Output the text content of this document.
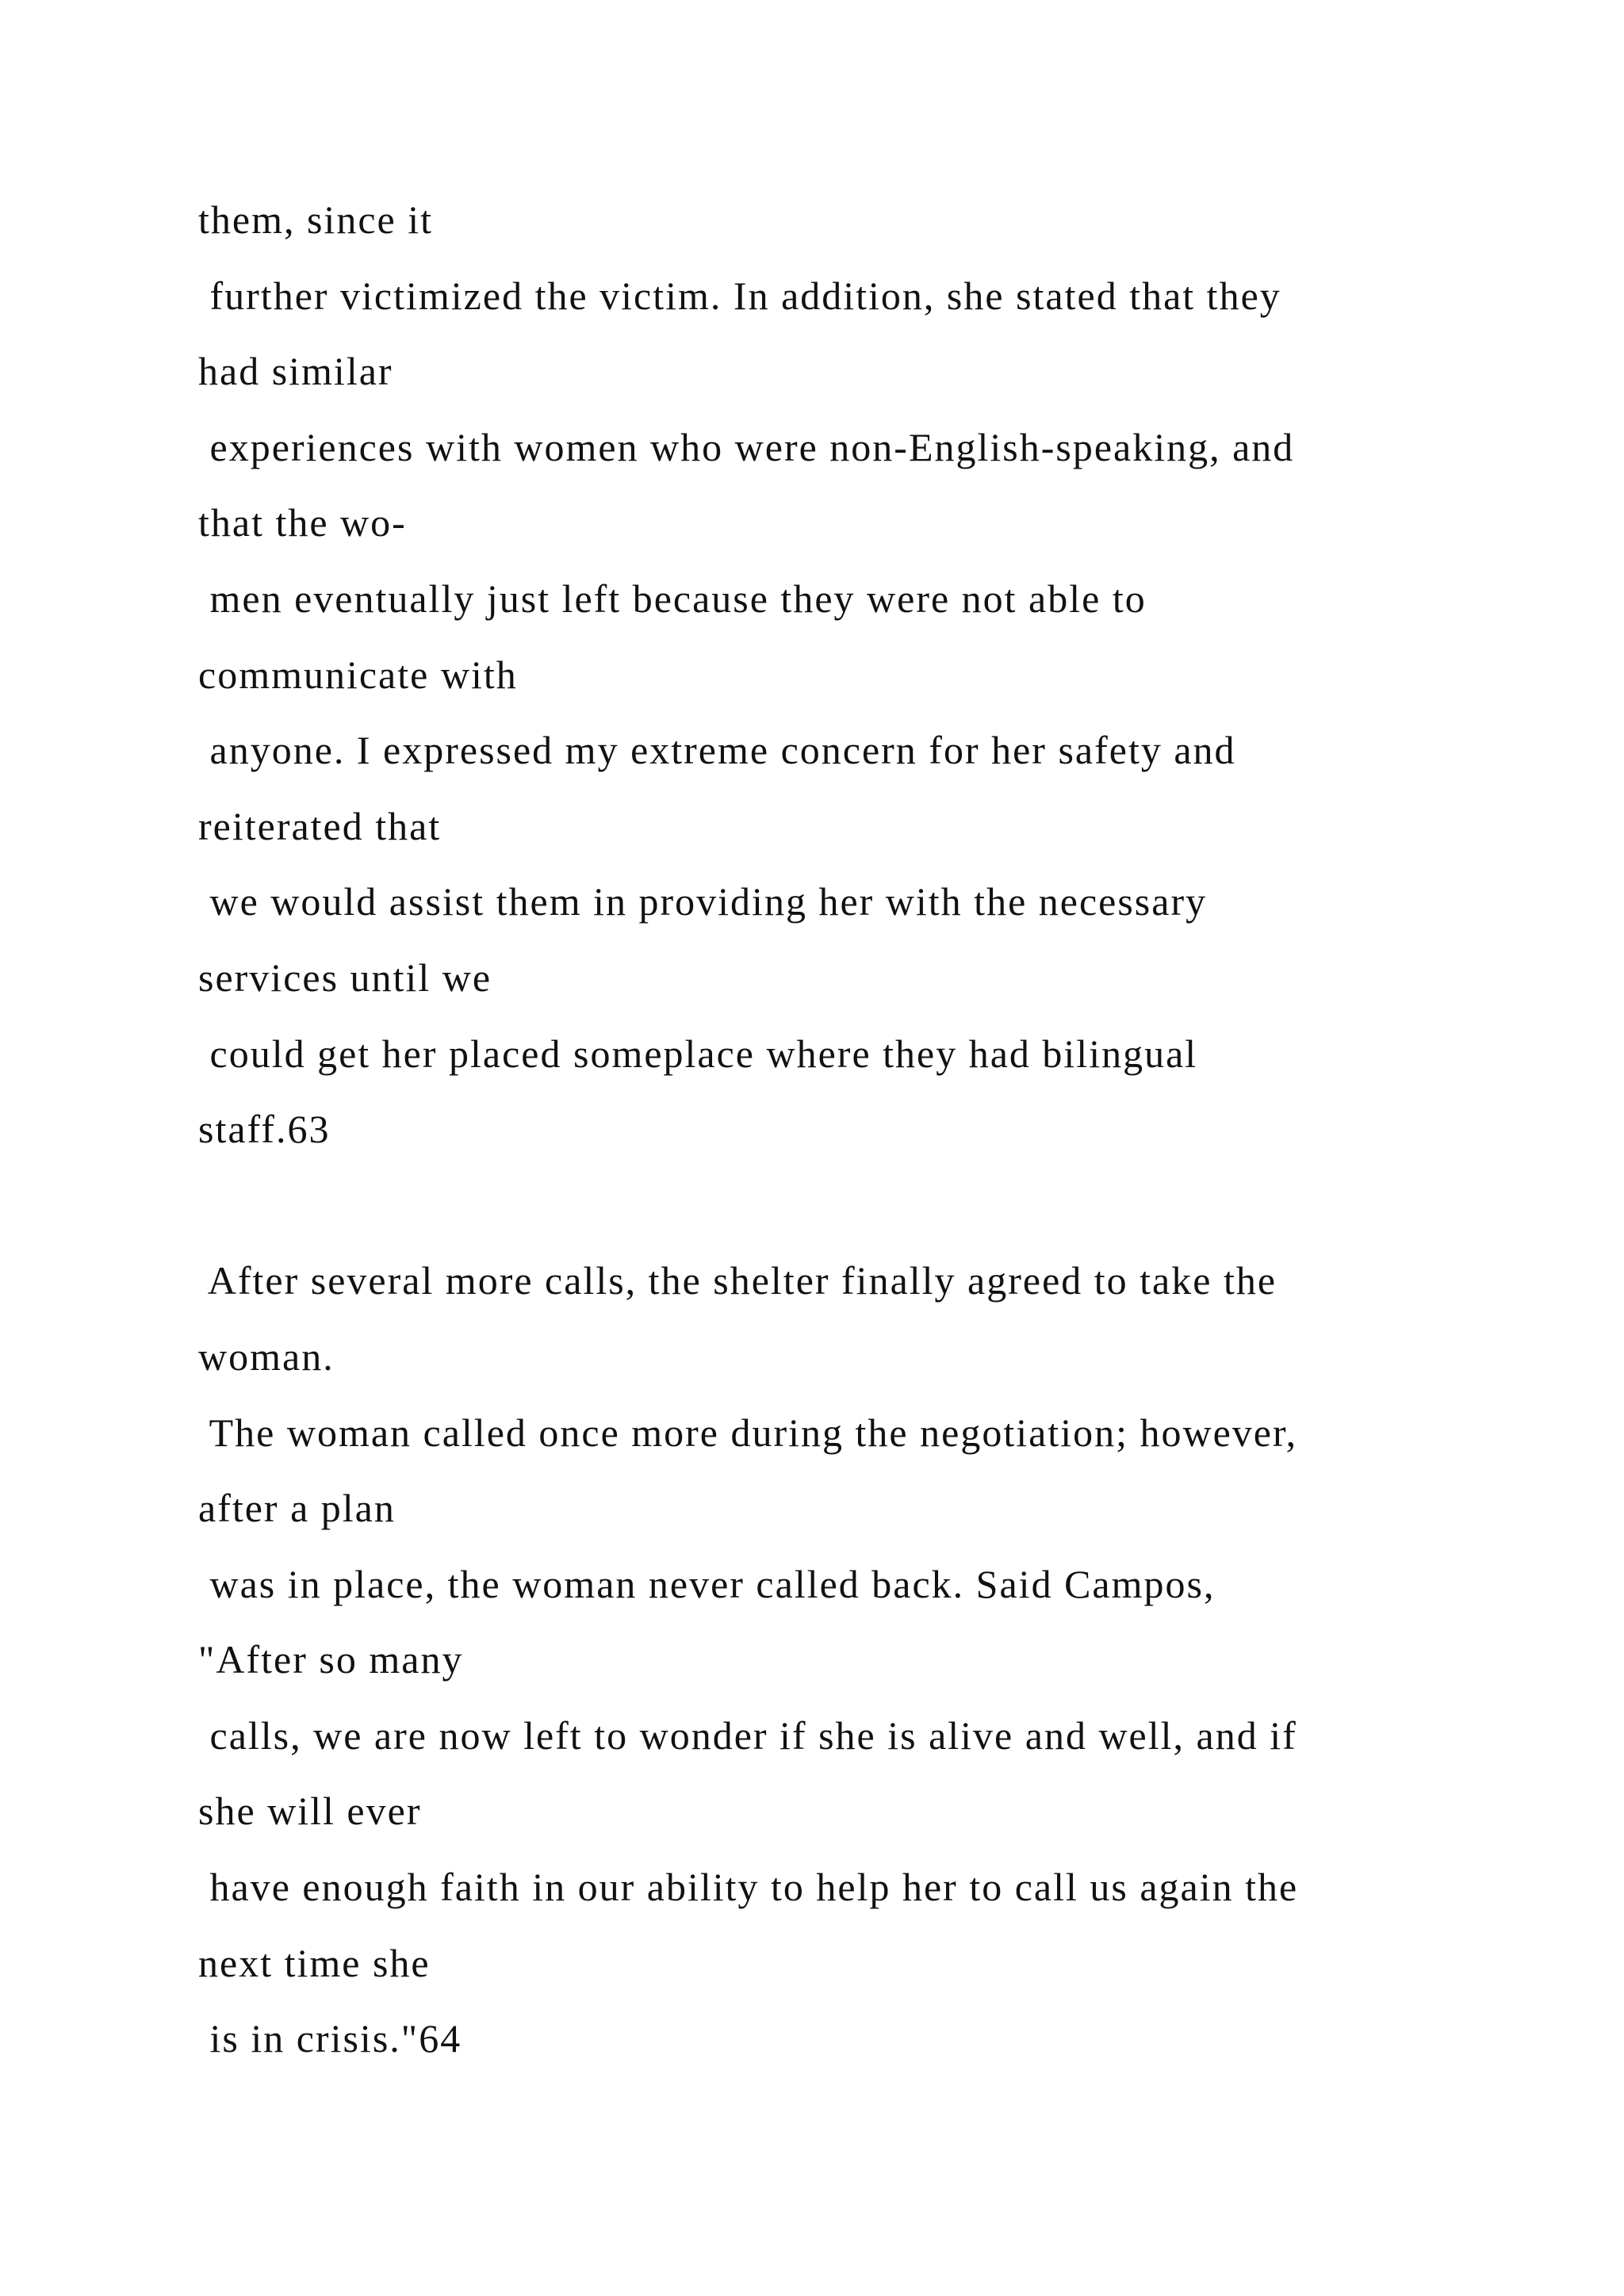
them, since it
further victimized the victim. In addition, she stated that they
had similar
experiences with women who were non-English-speaking, and
that the wo-
men eventually just left because they were not able to
communicate with
anyone. I expressed my extreme concern for her safety and
reiterated that
we would assist them in providing her with the necessary
services until we
could get her placed someplace where they had bilingual
staff.63
After several more calls, the shelter finally agreed to take the
woman.
The woman called once more during the negotiation; however,
after a plan
was in place, the woman never called back. Said Campos,
"After so many
calls, we are now left to wonder if she is alive and well, and if
she will ever
have enough faith in our ability to help her to call us again the
next time she
is in crisis."64
